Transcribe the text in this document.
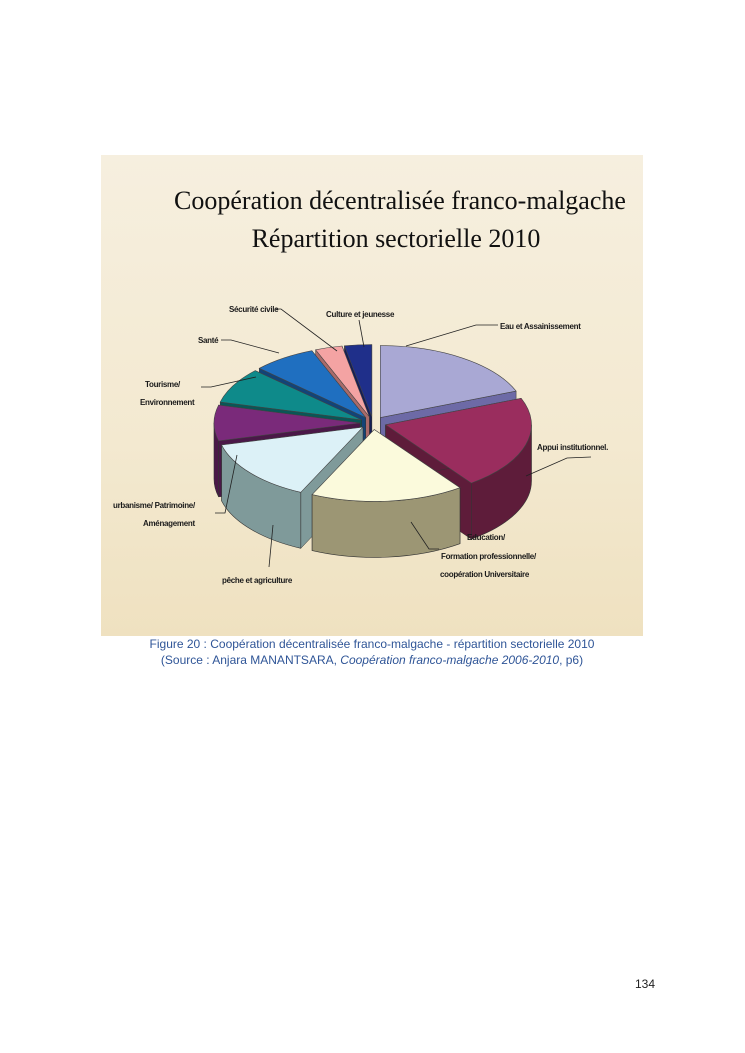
Coopération décentralisée franco-malgache
Répartition sectorielle 2010
Eau et Assainissement
Appui institutionnel.
Education/
Formation professionnelle/
coopération Universitaire
pêche et agriculture
urbanisme/ Patrimoine/
Aménagement
Tourisme/
Environnement
Santé
Sécurité civile
Culture et jeunesse
Figure 20 : Coopération décentralisée franco-malgache - répartition sectorielle 2010
(Source : Anjara MANANTSARA, Coopération franco-malgache 2006-2010, p6)
134
